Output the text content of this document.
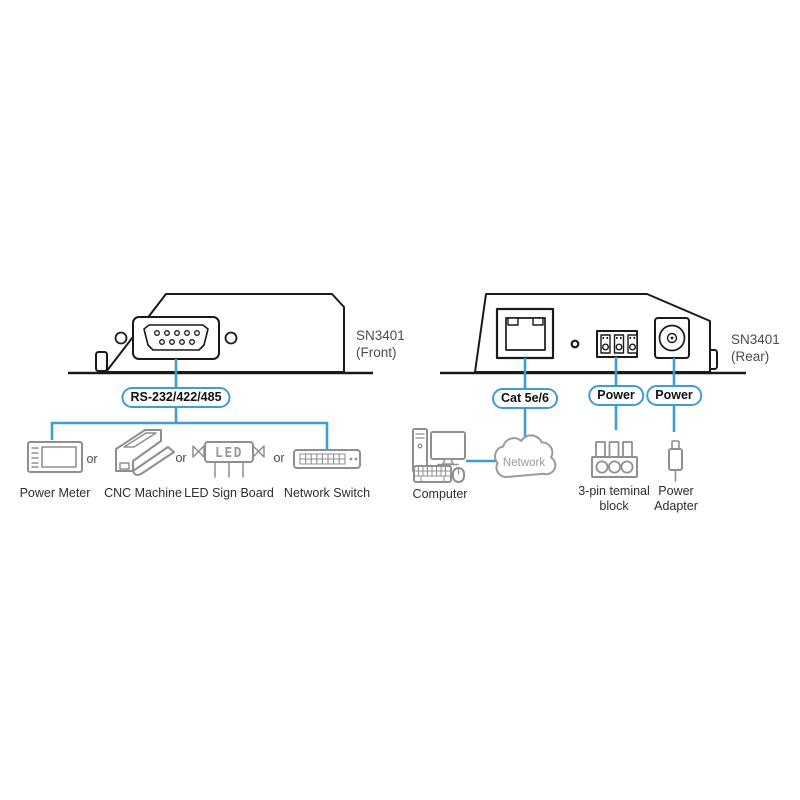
LED
Network
SN3401
(Front)
SN3401
(Rear)
RS-232/422/485	Cat 5e/6	Power	Power
Power Meter
or
CNC Machine
or
LED Sign Board
or
Network Switch	Computer	3-pin teminal
block
Power
Adapter
